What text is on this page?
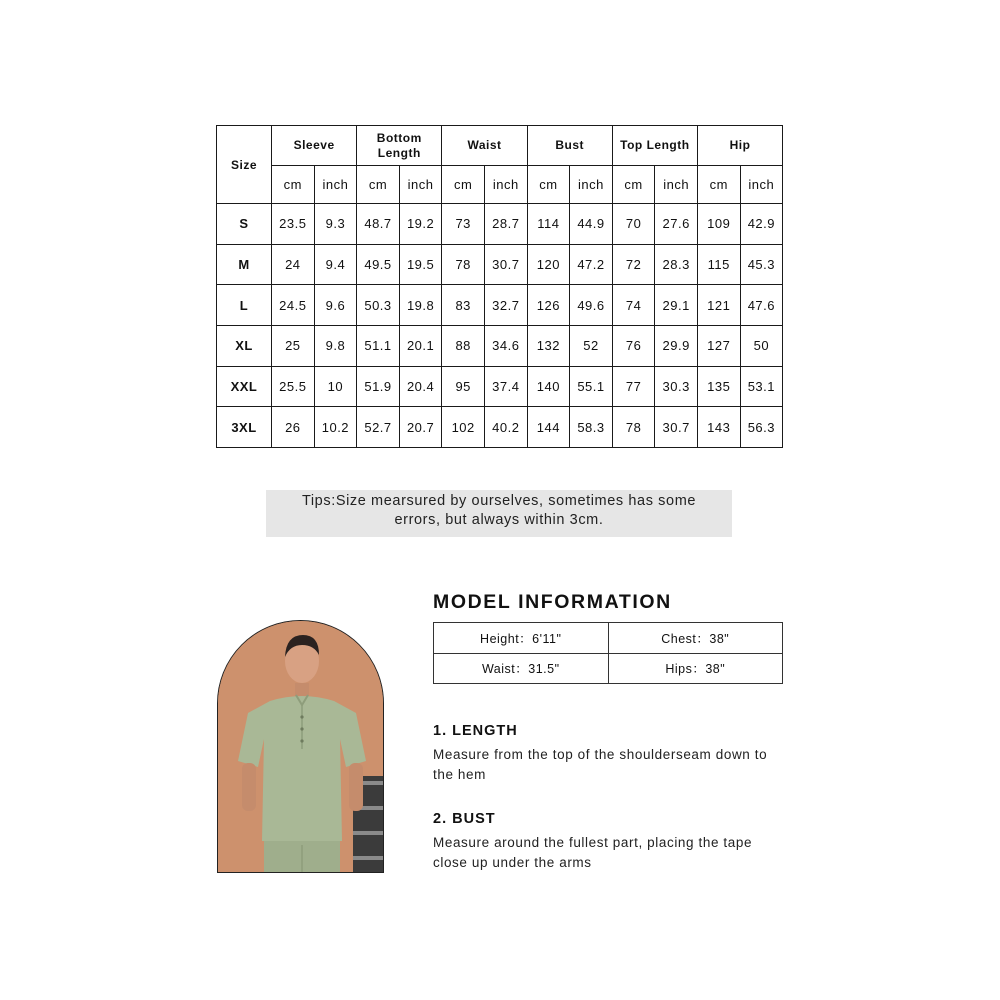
Size	Sleeve		Bottom Length		Waist		Bust		Top Length		Hip	
	cm	inch	cm	inch	cm	inch	cm	inch	cm	inch	cm	inch
S	23.5	9.3	48.7	19.2	73	28.7	114	44.9	70	27.6	109	42.9
M	24	9.4	49.5	19.5	78	30.7	120	47.2	72	28.3	115	45.3
L	24.5	9.6	50.3	19.8	83	32.7	126	49.6	74	29.1	121	47.6
XL	25	9.8	51.1	20.1	88	34.6	132	52	76	29.9	127	50
XXL	25.5	10	51.9	20.4	95	37.4	140	55.1	77	30.3	135	53.1
3XL	26	10.2	52.7	20.7	102	40.2	144	58.3	78	30.7	143	56.3
Tips:Size mearsured by ourselves, sometimes has some
errors, but always within 3cm.
MODEL INFORMATION
Height：6'11"	Chest：38"
Waist：31.5"	Hips：38"
1. LENGTH
Measure from the top of the shoulderseam down to the hem
2. BUST
Measure around the fullest part, placing the tape close up under the arms
